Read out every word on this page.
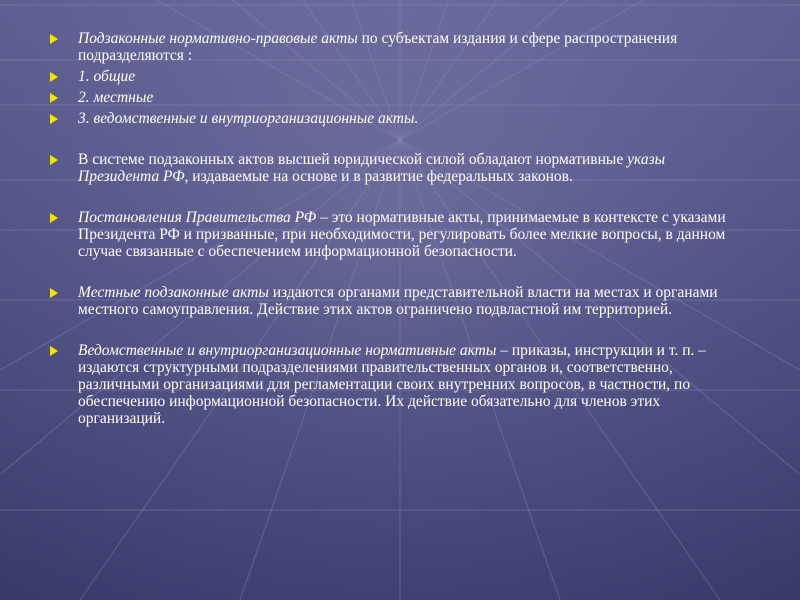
Подзаконные нормативно-правовые акты по субъектам издания и сфере распространения подразделяются :
1. общие
2. местные
3. ведомственные и внутриорганизационные акты.
В системе подзаконных актов высшей юридической силой обладают нормативные указы Президента РФ, издаваемые на основе и в развитие федеральных законов.
Постановления Правительства РФ – это нормативные акты, принимаемые в контексте с указами Президента РФ и призванные, при необходимости, регулировать более мелкие вопросы, в данном случае связанные с обеспечением информационной безопасности.
Местные подзаконные акты издаются органами представительной власти на местах и органами местного самоуправления. Действие этих актов ограничено подвластной им территорией.
Ведомственные и внутриорганизационные нормативные акты – приказы, инструкции и т. п. – издаются структурными подразделениями правительственных органов и, соответственно, различными организациями для регламентации своих внутренних вопросов, в частности, по обеспечению информационной безопасности. Их действие обязательно для членов этих организаций.
